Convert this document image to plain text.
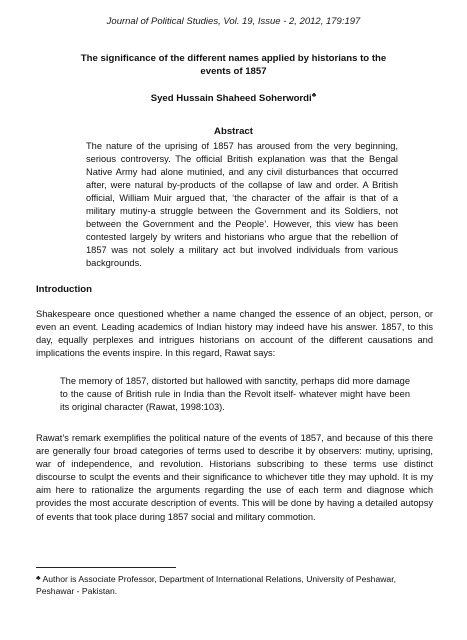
Journal of Political Studies, Vol. 19, Issue - 2, 2012, 179:197
The significance of the different names applied by historians to the events of 1857
Syed Hussain Shaheed Soherwordi♣
Abstract
The nature of the uprising of 1857 has aroused from the very beginning, serious controversy. The official British explanation was that the Bengal Native Army had alone mutinied, and any civil disturbances that occurred after, were natural by-products of the collapse of law and order. A British official, William Muir argued that, ‘the character of the affair is that of a military mutiny-a struggle between the Government and its Soldiers, not between the Government and the People’. However, this view has been contested largely by writers and historians who argue that the rebellion of 1857 was not solely a military act but involved individuals from various backgrounds.
Introduction
Shakespeare once questioned whether a name changed the essence of an object, person, or even an event. Leading academics of Indian history may indeed have his answer. 1857, to this day, equally perplexes and intrigues historians on account of the different causations and implications the events inspire. In this regard, Rawat says:
The memory of 1857, distorted but hallowed with sanctity, perhaps did more damage to the cause of British rule in India than the Revolt itself- whatever might have been its original character (Rawat, 1998:103).
Rawat’s remark exemplifies the political nature of the events of 1857, and because of this there are generally four broad categories of terms used to describe it by observers: mutiny, uprising, war of independence, and revolution. Historians subscribing to these terms use distinct discourse to sculpt the events and their significance to whichever title they may uphold. It is my aim here to rationalize the arguments regarding the use of each term and diagnose which provides the most accurate description of events. This will be done by having a detailed autopsy of events that took place during 1857 social and military commotion.
♣ Author is Associate Professor, Department of International Relations, University of Peshawar, Peshawar - Pakistan.
